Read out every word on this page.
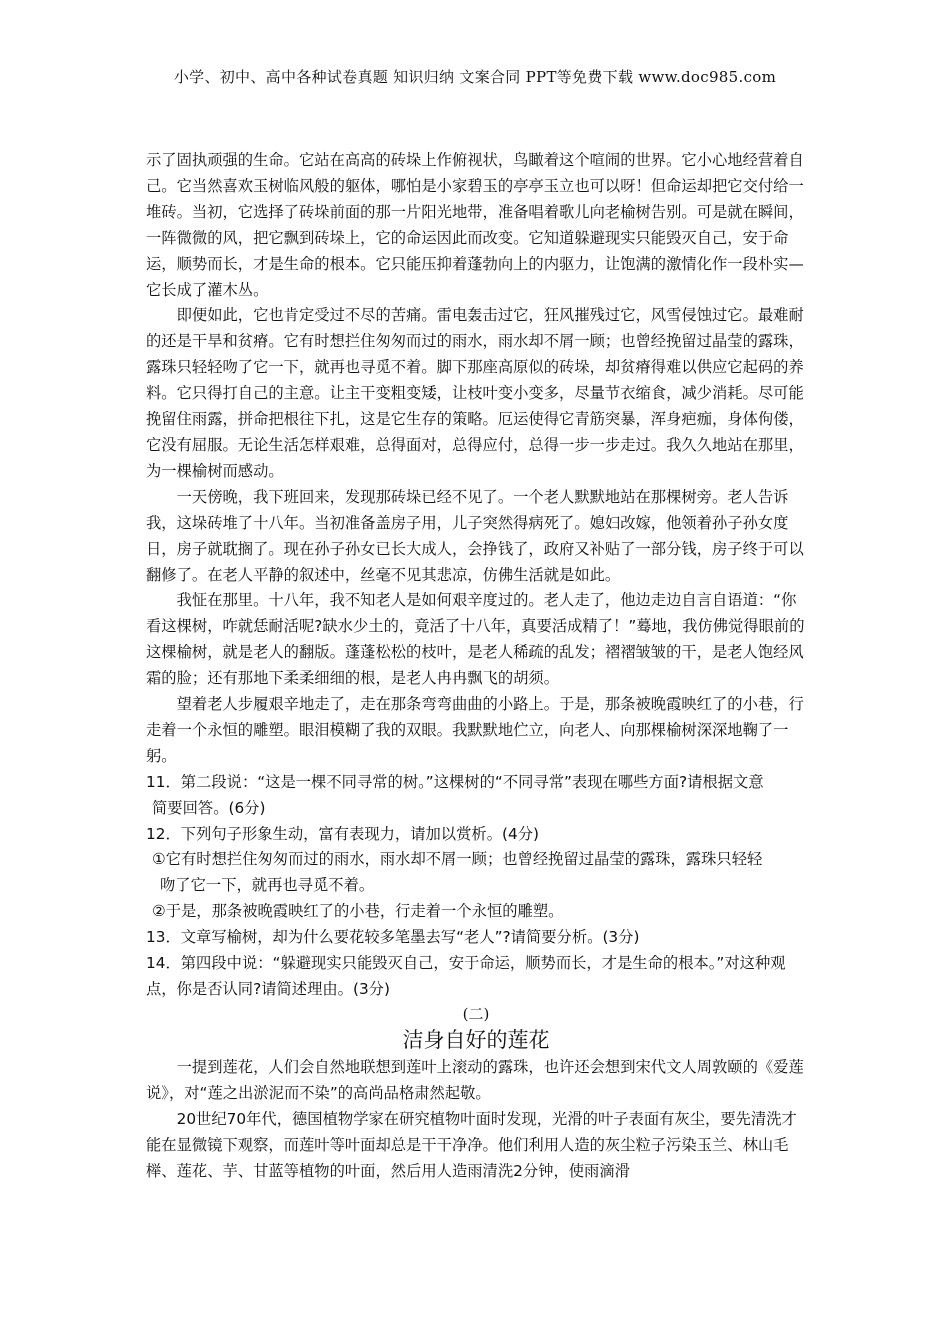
小学、初中、高中各种试卷真题 知识归纳 文案合同 PPT等免费下载 www.doc985.com

示了固执顽强的生命。它站在高高的砖垛上作俯视状，鸟瞰着这个喧闹的世界。它小心地经营着自己。它当然喜欢玉树临风般的躯体，哪怕是小家碧玉的亭亭玉立也可以呀！但命运却把它交付给一堆砖。当初，它选择了砖垛前面的那一片阳光地带，准备唱着歌儿向老榆树告别。可是就在瞬间，一阵微微的风，把它飘到砖垛上，它的命运因此而改变。它知道躲避现实只能毁灭自己，安于命运，顺势而长，才是生命的根本。它只能压抑着蓬勃向上的内驱力，让饱满的激情化作一段朴实—它长成了灌木丛。

即便如此，它也肯定受过不尽的苦痛。雷电轰击过它，狂风摧残过它，风雪侵蚀过它。最难耐的还是干旱和贫瘠。它有时想拦住匆匆而过的雨水，雨水却不屑一顾；也曾经挽留过晶莹的露珠，露珠只轻轻吻了它一下，就再也寻觅不着。脚下那座高原似的砖垛，却贫瘠得难以供应它起码的养料。它只得打自己的主意。让主干变粗变矮，让枝叶变小变多，尽量节衣缩食，减少消耗。尽可能挽留住雨露，拼命把根往下扎，这是它生存的策略。厄运使得它青筋突暴，浑身疤痂，身体佝偻，它没有屈服。无论生活怎样艰难，总得面对，总得应付，总得一步一步走过。我久久地站在那里，为一棵榆树而感动。

一天傍晚，我下班回来，发现那砖垛已经不见了。一个老人默默地站在那棵树旁。老人告诉我，这垛砖堆了十八年。当初准备盖房子用，儿子突然得病死了。媳妇改嫁，他领着孙子孙女度日，房子就耽搁了。现在孙子孙女已长大成人，会挣钱了，政府又补贴了一部分钱，房子终于可以翻修了。在老人平静的叙述中，丝毫不见其悲凉，仿佛生活就是如此。

我怔在那里。十八年，我不知老人是如何艰辛度过的。老人走了，他边走边自言自语道：“你看这棵树，咋就恁耐活呢?缺水少土的，竟活了十八年，真要活成精了！”蓦地，我仿佛觉得眼前的这棵榆树，就是老人的翻版。蓬蓬松松的枝叶，是老人稀疏的乱发；褶褶皱皱的干，是老人饱经风霜的脸；还有那地下柔柔细细的根，是老人冉冉飘飞的胡须。

望着老人步履艰辛地走了，走在那条弯弯曲曲的小路上。于是，那条被晚霞映红了的小巷，行走着一个永恒的雕塑。眼泪模糊了我的双眼。我默默地伫立，向老人、向那棵榆树深深地鞠了一躬。

11．第二段说：“这是一棵不同寻常的树。”这棵树的“不同寻常”表现在哪些方面?请根据文意

简要回答。(6分)

12．下列句子形象生动，富有表现力，请加以赏析。(4分)

①它有时想拦住匆匆而过的雨水，雨水却不屑一顾；也曾经挽留过晶莹的露珠，露珠只轻轻

吻了它一下，就再也寻觅不着。

②于是，那条被晚霞映红了的小巷，行走着一个永恒的雕塑。

13．文章写榆树，却为什么要花较多笔墨去写“老人”?请简要分析。(3分)

14．第四段中说：“躲避现实只能毁灭自己，安于命运，顺势而长，才是生命的根本。”对这种观点，你是否认同?请简述理由。(3分)

(二)

洁身自好的莲花

一提到莲花，人们会自然地联想到莲叶上滚动的露珠，也许还会想到宋代文人周敦颐的《爱莲说》，对“莲之出淤泥而不染”的高尚品格肃然起敬。

20世纪70年代，德国植物学家在研究植物叶面时发现，光滑的叶子表面有灰尘，要先清洗才能在显微镜下观察，而莲叶等叶面却总是干干净净。他们利用人造的灰尘粒子污染玉兰、林山毛榉、莲花、芋、甘蓝等植物的叶面，然后用人造雨清洗2分钟，使雨滴滑
